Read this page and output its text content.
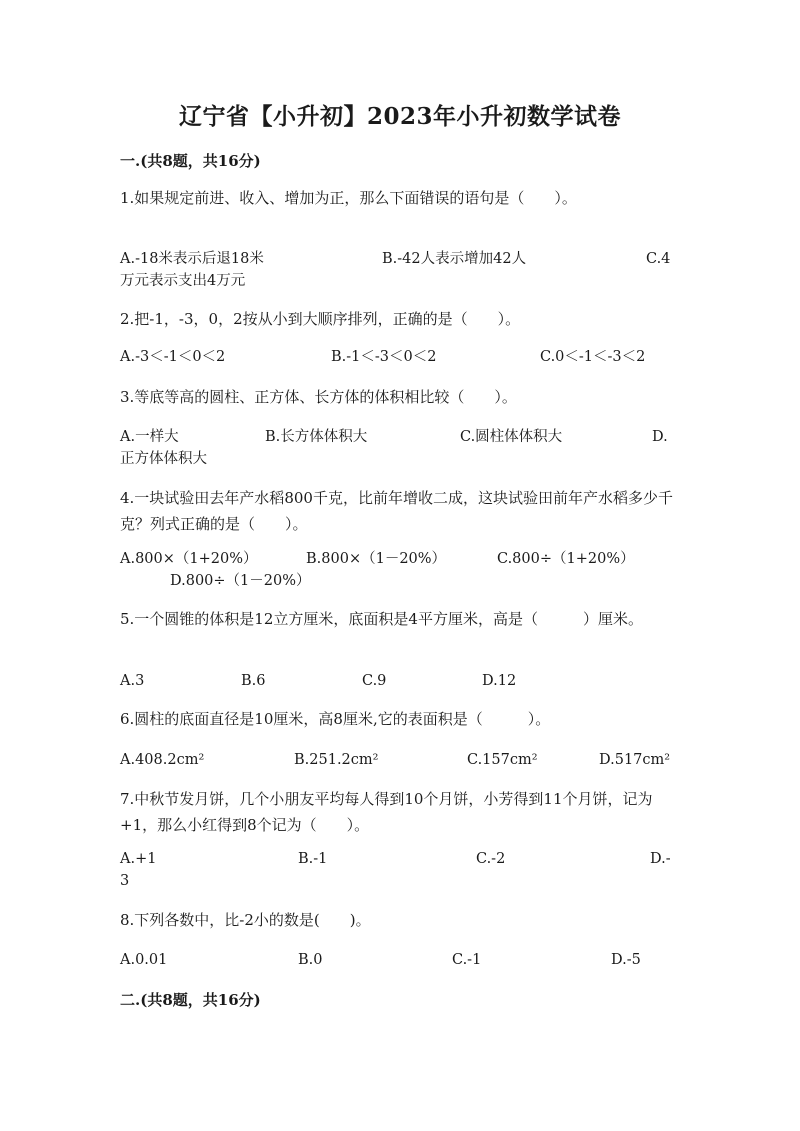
辽宁省【小升初】2023年小升初数学试卷
一.(共8题，共16分)
1.如果规定前进、收入、增加为正，那么下面错误的语句是（　　）。
A.-18米表示后退18米	B.-42人表示增加42人	C.4
万元表示支出4万元
2.把-1，-3，0，2按从小到大顺序排列，正确的是（　　）。
A.-3＜-1＜0＜2	B.-1＜-3＜0＜2	C.0＜-1＜-3＜2
3.等底等高的圆柱、正方体、长方体的体积相比较（　　）。
A.一样大	B.长方体体积大	C.圆柱体体积大	D.
正方体体积大
4.一块试验田去年产水稻800千克，比前年增收二成，这块试验田前年产水稻多少千克？列式正确的是（　　）。
A.800×（1+20%）	B.800×（1－20%）	C.800÷（1+20%）
D.800÷（1－20%）
5.一个圆锥的体积是12立方厘米，底面积是4平方厘米，高是（　　　）厘米。
A.3	B.6	C.9	D.12
6.圆柱的底面直径是10厘米，高8厘米,它的表面积是（　　　）。
A.408.2cm²	B.251.2cm²	C.157cm²	D.517cm²
7.中秋节发月饼，几个小朋友平均每人得到10个月饼，小芳得到11个月饼，记为+1，那么小红得到8个记为（　　）。
A.+1	B.-1	C.-2	D.-
3
8.下列各数中，比-2小的数是(　　)。
A.0.01	B.0	C.-1	D.-5
二.(共8题，共16分)
